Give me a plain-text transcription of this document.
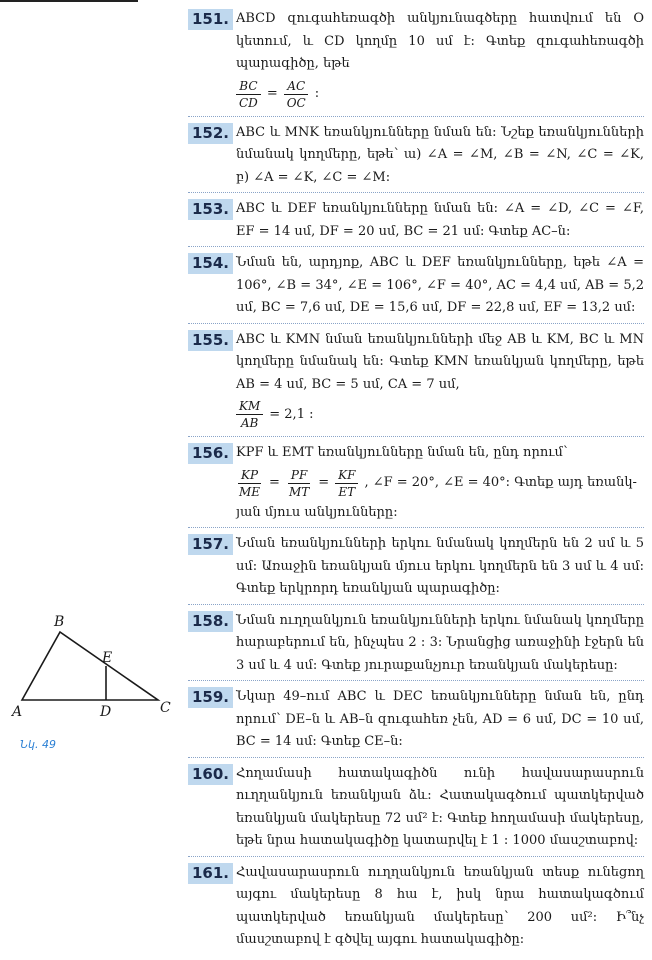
151. ABCD զուգահեռագծի անկյունագծերը հատվում են O կետում, և CD կողմը 10 սմ է: Գտեք զուգահեռագծի պարագիծը, եթե

$\frac{BC}{CD} = \frac{AC}{OC}$ :
152. ABC և MNK եռանկյունները նման են: Նշեք եռանկյունների նմանակ կողմերը, եթե՝ ա) ∠A = ∠M, ∠B = ∠N, ∠C = ∠K, բ) ∠A = ∠K, ∠C = ∠M:

153. ABC և DEF եռանկյունները նման են: ∠A = ∠D, ∠C = ∠F, EF = 14 սմ, DF = 20 սմ, BC = 21 սմ: Գտեք AC–ն:

154. Նման են, արդյոք, ABC և DEF եռանկյունները, եթե ∠A = 106°, ∠B = 34°, ∠E = 106°, ∠F = 40°, AC = 4,4 սմ, AB = 5,2 սմ, BC = 7,6 սմ, DE = 15,6 սմ, DF = 22,8 սմ, EF = 13,2 սմ:

155. ABC և KMN նման եռանկյունների մեջ AB և KM, BC և MN կողմերը նմանակ են: Գտեք KMN եռանկյան կողմերը, եթե AB = 4 սմ, BC = 5 սմ, CA = 7 սմ,

$\frac{KM}{AB} = 2,1$ :
156. KPF և EMT եռանկյունները նման են, ընդ որում՝

$\frac{KP}{ME} = \frac{PF}{MT} = \frac{KF}{ET}$ , ∠F = 20°, ∠E = 40°: Գտեք այդ եռանկ-

յան մյուս անկյունները:

157. Նման եռանկյունների երկու նմանակ կողմերն են 2 սմ և 5 սմ: Առաջին եռանկյան մյուս երկու կողմերն են 3 սմ և 4 սմ: Գտեք երկրորդ եռանկյան պարագիծը:

158. Նման ուղղանկյուն եռանկյունների երկու նմանակ կողմերը հարաբերում են, ինչպես 2 : 3: Նրանցից առաջինի էջերն են 3 սմ և 4 սմ: Գտեք յուրաքանչյուր եռանկյան մակերեսը:

159. Նկար 49–ում ABC և DEC եռանկյունները նման են, ընդ որում՝ DE–ն և AB–ն զուգահեռ չեն, AD = 6 սմ, DC = 10 սմ, BC = 14 սմ: Գտեք CE–ն:

160. Հողամասի հատակագիծն ունի հավասարասրուն ուղղանկյուն եռանկյան ձև: Հատակագծում պատկերված եռանկյան մակերեսը 72 սմ² է: Գտեք հողամասի մակերեսը, եթե նրա հատակագիծը կատարվել է 1 : 1000 մասշտաբով:

161. Հավասարասրուն ուղղանկյուն եռանկյան տեսք ունեցող այգու մակերեսը 8 հա է, իսկ նրա հատակագծում պատկերված եռանկյան մակերեսը՝ 200 սմ²: Ի՞նչ մասշտաբով է գծվել այգու հատակագիծը:

B
E
A	D	C
Նկ. 49
